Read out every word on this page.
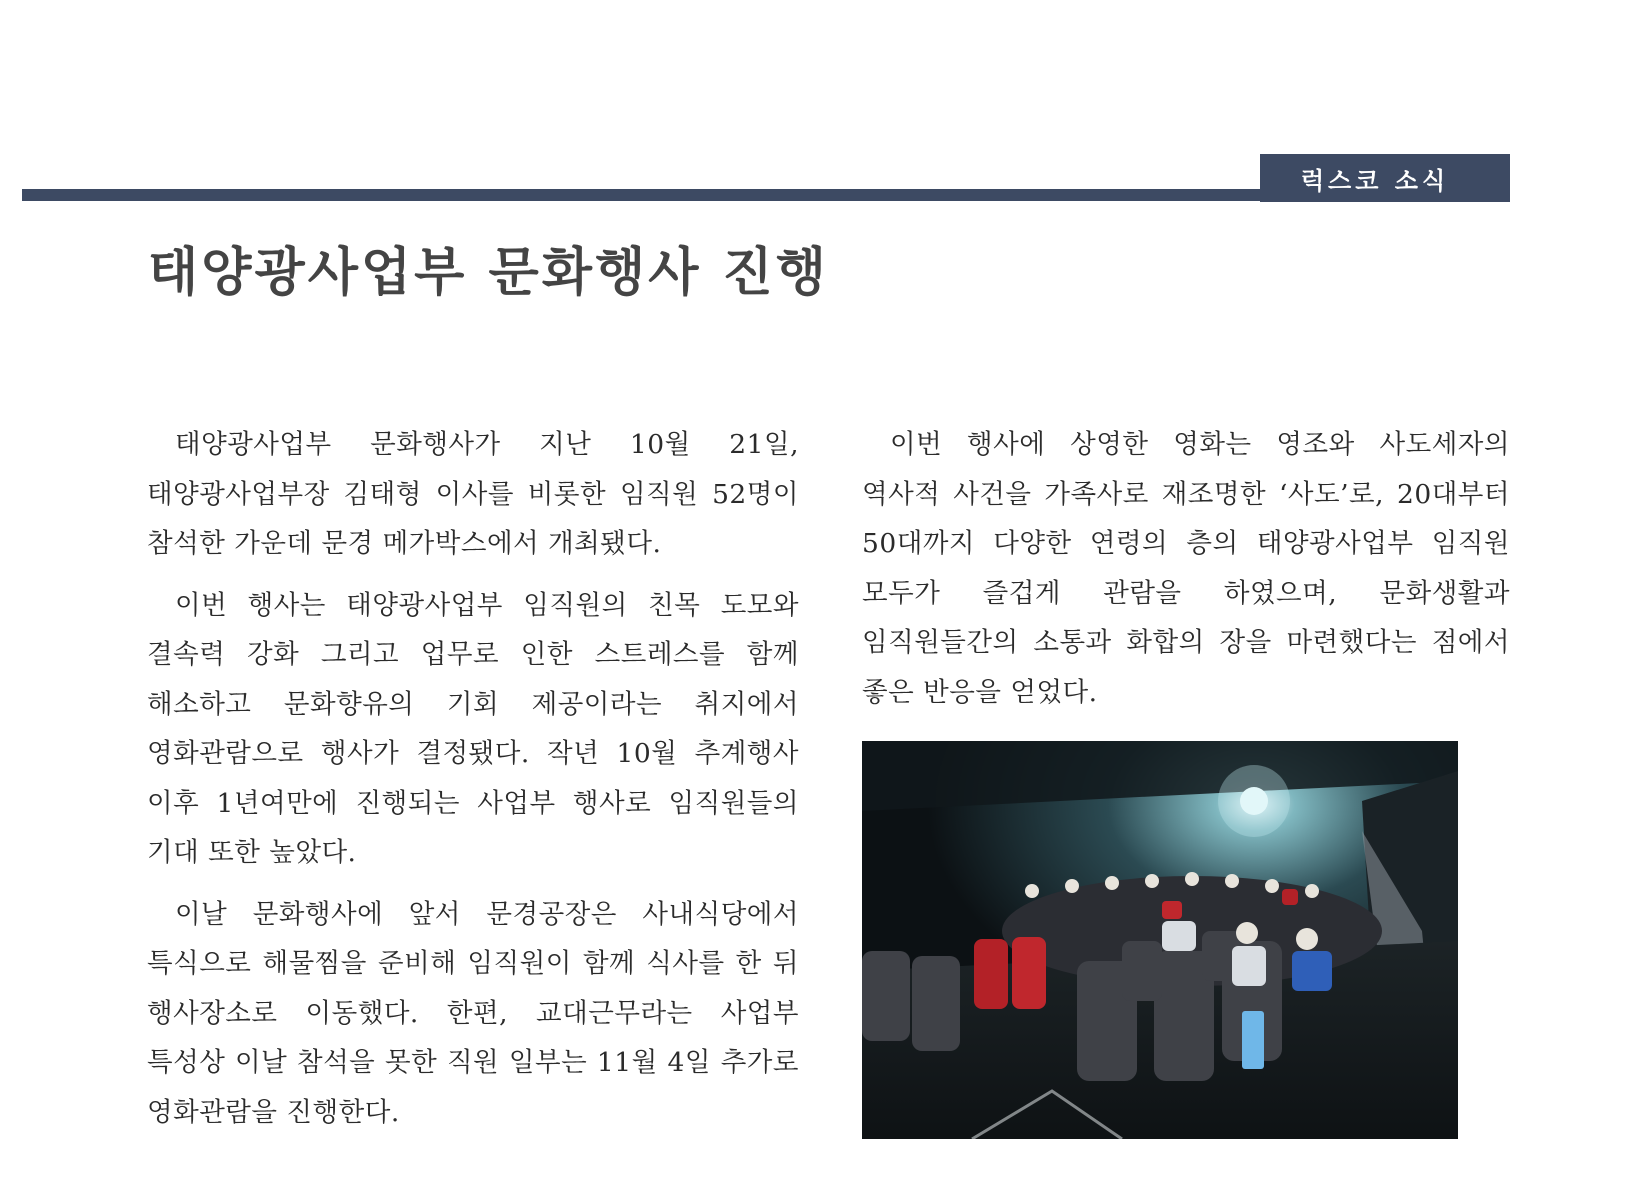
럭스코 소식
태양광사업부 문화행사 진행

태양광사업부 문화행사가 지난 10월 21일, 태양광사업부장 김태형 이사를 비롯한 임직원 52명이 참석한 가운데 문경 메가박스에서 개최됐다.

이번 행사는 태양광사업부 임직원의 친목 도모와 결속력 강화 그리고 업무로 인한 스트레스를 함께 해소하고 문화향유의 기회 제공이라는 취지에서 영화관람으로 행사가 결정됐다. 작년 10월 추계행사 이후 1년여만에 진행되는 사업부 행사로 임직원들의 기대 또한 높았다.

이날 문화행사에 앞서 문경공장은 사내식당에서 특식으로 해물찜을 준비해 임직원이 함께 식사를 한 뒤 행사장소로 이동했다. 한편, 교대근무라는 사업부 특성상 이날 참석을 못한 직원 일부는 11월 4일 추가로 영화관람을 진행한다.

이번 행사에 상영한 영화는 영조와 사도세자의 역사적 사건을 가족사로 재조명한 ‘사도’로, 20대부터 50대까지 다양한 연령의 층의 태양광사업부 임직원 모두가 즐겁게 관람을 하였으며, 문화생활과 임직원들간의 소통과 화합의 장을 마련했다는 점에서 좋은 반응을 얻었다.
